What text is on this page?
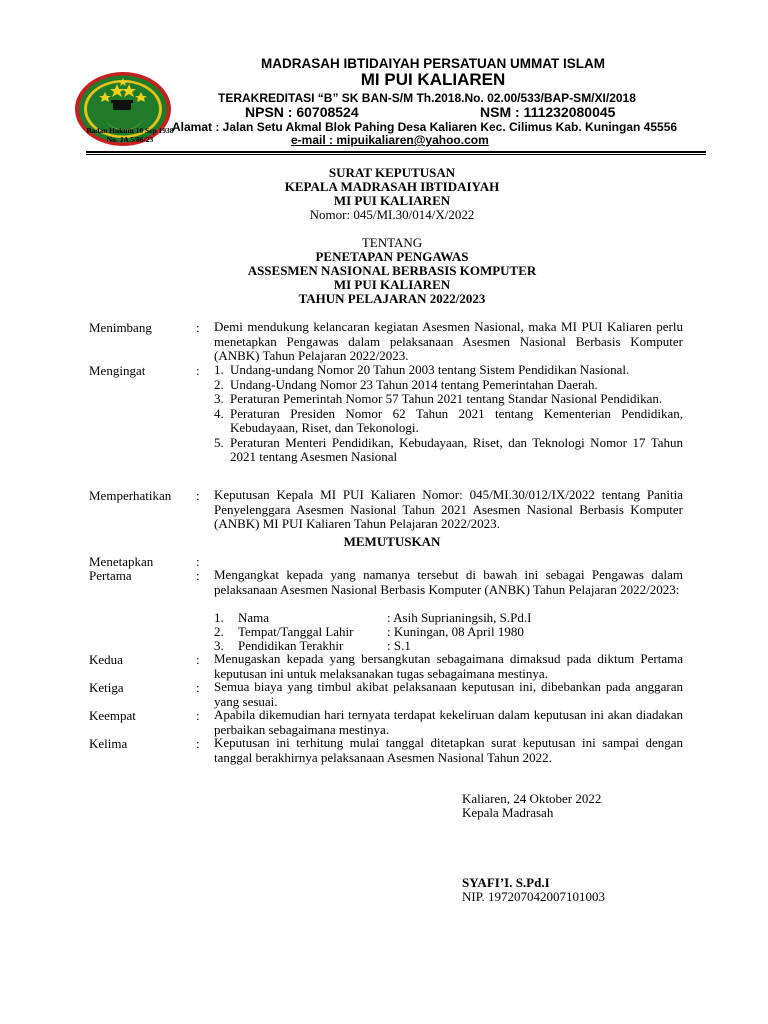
Badan Hukum 10 Sep 1938
No. JA 5/86/23
MADRASAH IBTIDAIYAH PERSATUAN UMMAT ISLAM
MI PUI KALIAREN
TERAKREDITASI “B” SK BAN-S/M Th.2018.No. 02.00/533/BAP-SM/XI/2018
NPSN : 60708524	NSM : 111232080045
Alamat : Jalan Setu Akmal Blok Pahing Desa Kaliaren Kec. Cilimus Kab. Kuningan 45556
e-mail : mipuikaliaren@yahoo.com
SURAT KEPUTUSAN
KEPALA MADRASAH IBTIDAIYAH
MI PUI KALIAREN
Nomor: 045/MI.30/014/X/2022
TENTANG
PENETAPAN PENGAWAS
ASSESMEN NASIONAL BERBASIS KOMPUTER
MI PUI KALIAREN
TAHUN PELAJARAN 2022/2023
Menimbang	: Demi mendukung kelancaran kegiatan Asesmen Nasional, maka MI PUI Kaliaren perlu menetapkan Pengawas dalam pelaksanaan Asesmen Nasional Berbasis Komputer (ANBK) Tahun Pelajaran 2022/2023.
Mengingat	: 1. Undang-undang Nomor 20 Tahun 2003 tentang Sistem Pendidikan Nasional.
2. Undang-Undang Nomor 23 Tahun 2014 tentang Pemerintahan Daerah.
3. Peraturan Pemerintah Nomor 57 Tahun 2021 tentang Standar Nasional Pendidikan.
4. Peraturan Presiden Nomor 62 Tahun 2021 tentang Kementerian Pendidikan, Kebudayaan, Riset, dan Tekonologi.
5. Peraturan Menteri Pendidikan, Kebudayaan, Riset, dan Teknologi Nomor 17 Tahun 2021 tentang Asesmen Nasional
Memperhatikan : Keputusan Kepala MI PUI Kaliaren Nomor: 045/MI.30/012/IX/2022 tentang Panitia Penyelenggara Asesmen Nasional Tahun 2021 Asesmen Nasional Berbasis Komputer (ANBK) MI PUI Kaliaren Tahun Pelajaran 2022/2023.
MEMUTUSKAN
Menetapkan	:
Pertama	: Mengangkat kepada yang namanya tersebut di bawah ini sebagai Pengawas dalam pelaksanaan Asesmen Nasional Berbasis Komputer (ANBK) Tahun Pelajaran 2022/2023:
1. Nama	: Asih Suprianingsih, S.Pd.I
2. Tempat/Tanggal Lahir	: Kuningan, 08 April 1980
3. Pendidikan Terakhir	: S.1
Kedua	: Menugaskan kepada yang bersangkutan sebagaimana dimaksud pada diktum Pertama keputusan ini untuk melaksanakan tugas sebagaimana mestinya.
Ketiga	: Semua biaya yang timbul akibat pelaksanaan keputusan ini, dibebankan pada anggaran yang sesuai.
Keempat	: Apabila dikemudian hari ternyata terdapat kekeliruan dalam keputusan ini akan diadakan perbaikan sebagaimana mestinya.
Kelima	: Keputusan ini terhitung mulai tanggal ditetapkan surat keputusan ini sampai dengan tanggal berakhirnya pelaksanaan Asesmen Nasional Tahun 2022.
Kaliaren, 24 Oktober 2022
Kepala Madrasah
SYAFI’I. S.Pd.I
NIP. 197207042007101003
